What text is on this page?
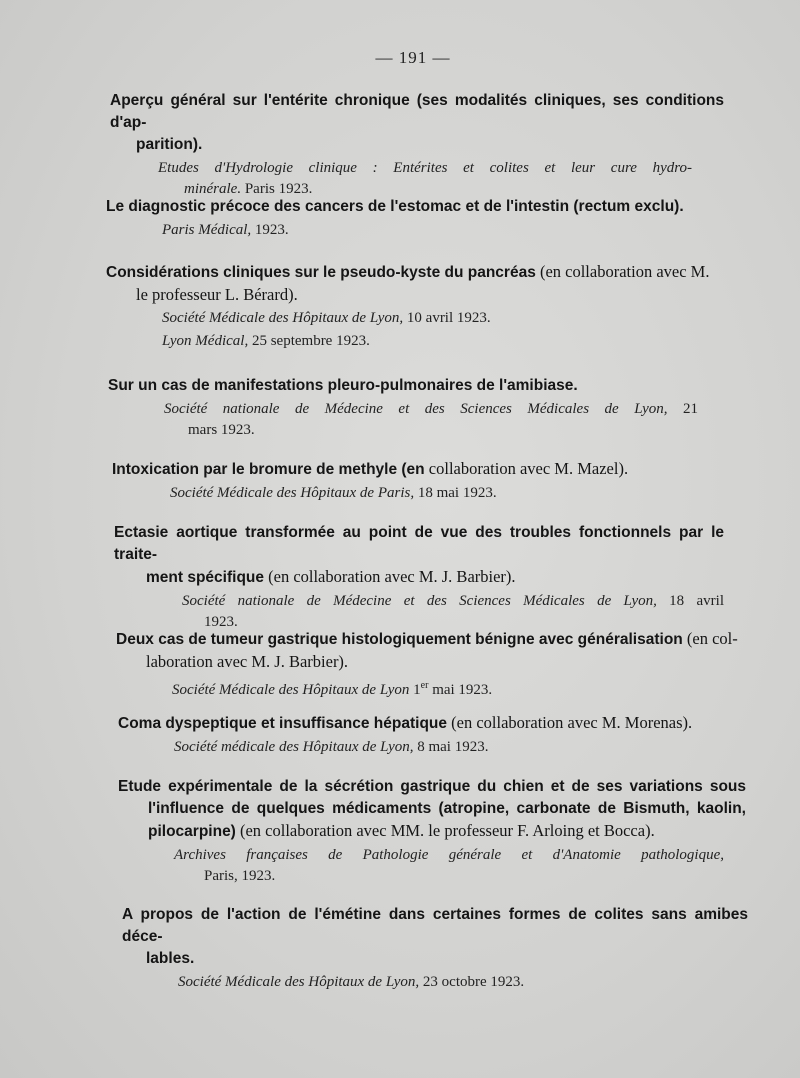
— 191 —
Aperçu général sur l'entérite chronique (ses modalités cliniques, ses conditions d'ap-
parition).
Etudes d'Hydrologie clinique : Entérites et colites et leur cure hydro-
minérale. Paris 1923.
Le diagnostic précoce des cancers de l'estomac et de l'intestin (rectum exclu).
Paris Médical, 1923.
Considérations cliniques sur le pseudo-kyste du pancréas (en collaboration avec M.
le professeur L. Bérard).
Société Médicale des Hôpitaux de Lyon, 10 avril 1923.
Lyon Médical, 25 septembre 1923.
Sur un cas de manifestations pleuro-pulmonaires de l'amibiase.
Société nationale de Médecine et des Sciences Médicales de Lyon, 21
mars 1923.
Intoxication par le bromure de methyle (en collaboration avec M. Mazel).
Société Médicale des Hôpitaux de Paris, 18 mai 1923.
Ectasie aortique transformée au point de vue des troubles fonctionnels par le traite-
ment spécifique (en collaboration avec M. J. Barbier).
Société nationale de Médecine et des Sciences Médicales de Lyon, 18 avril
1923.
Deux cas de tumeur gastrique histologiquement bénigne avec généralisation (en col-
laboration avec M. J. Barbier).
Société Médicale des Hôpitaux de Lyon 1er mai 1923.
Coma dyspeptique et insuffisance hépatique (en collaboration avec M. Morenas).
Société médicale des Hôpitaux de Lyon, 8 mai 1923.
Etude expérimentale de la sécrétion gastrique du chien et de ses variations sous
l'influence de quelques médicaments (atropine, carbonate de Bismuth, kaolin,
pilocarpine) (en collaboration avec MM. le professeur F. Arloing et Bocca).
Archives françaises de Pathologie générale et d'Anatomie pathologique,
Paris, 1923.
A propos de l'action de l'émétine dans certaines formes de colites sans amibes déce-
lables.
Société Médicale des Hôpitaux de Lyon, 23 octobre 1923.
